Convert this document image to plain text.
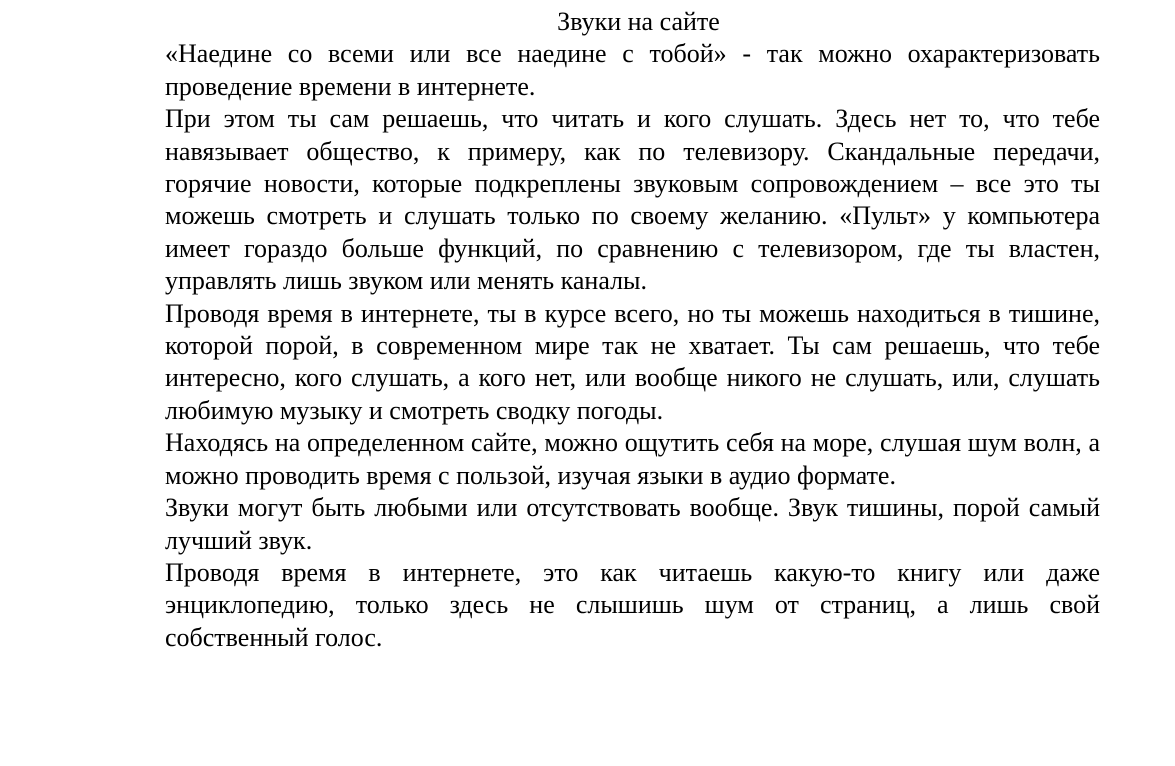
Звуки на сайте

«Наедине со всеми или все наедине с тобой» - так можно охарактеризовать проведение времени в интернете.

При этом ты сам решаешь, что читать и кого слушать. Здесь нет то, что тебе навязывает общество, к примеру, как по телевизору. Скандальные передачи, горячие новости, которые подкреплены звуковым сопровождением – все это ты можешь смотреть и слушать только по своему желанию. «Пульт» у компьютера имеет гораздо больше функций, по сравнению с телевизором, где ты властен, управлять лишь звуком или менять каналы.

Проводя время в интернете, ты в курсе всего, но ты можешь находиться в тишине, которой порой, в современном мире так не хватает. Ты сам решаешь, что тебе интересно, кого слушать, а кого нет, или вообще никого не слушать, или, слушать любимую музыку и смотреть сводку погоды.

Находясь на определенном сайте, можно ощутить себя на море, слушая шум волн, а можно проводить время с пользой, изучая языки в аудио формате.

Звуки могут быть любыми или отсутствовать вообще. Звук тишины, порой самый лучший звук.

Проводя время в интернете, это как читаешь какую-то книгу или даже энциклопедию, только здесь не слышишь шум от страниц, а лишь свой собственный голос.
